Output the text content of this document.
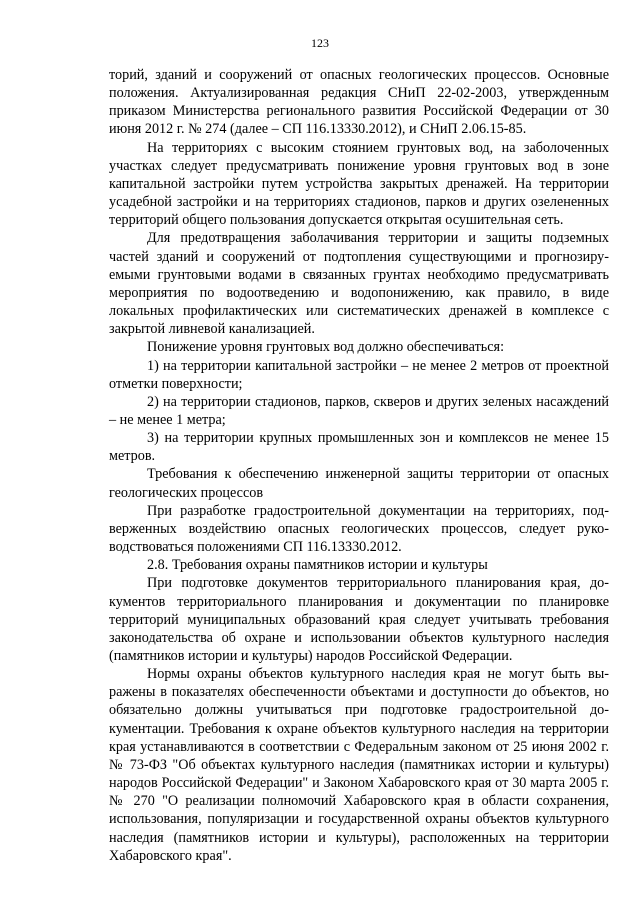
123

торий, зданий и сооружений от опасных геологических процессов. Основные положения. Актуализированная редакция СНиП 22-02-2003, утвержденным приказом Министерства регионального развития Российской Федерации от 30 июня 2012 г. № 274 (далее – СП 116.13330.2012), и СНиП 2.06.15-85.

На территориях с высоким стоянием грунтовых вод, на заболоченных участках следует предусматривать понижение уровня грунтовых вод в зоне капитальной застройки путем устройства закрытых дренажей. На территории усадебной застройки и на территориях стадионов, парков и других озелененных территорий общего пользования допускается открытая осушительная сеть.

Для предотвращения заболачивания территории и защиты подземных частей зданий и сооружений от подтопления существующими и прогнозируемыми грунтовыми водами в связанных грунтах необходимо предусматривать мероприятия по водоотведению и водопонижению, как правило, в виде локальных профилактических или систематических дренажей в комплексе с закрытой ливневой канализацией.

Понижение уровня грунтовых вод должно обеспечиваться:

1) на территории капитальной застройки – не менее 2 метров от проектной отметки поверхности;

2) на территории стадионов, парков, скверов и других зеленых насаждений – не менее 1 метра;

3) на территории крупных промышленных зон и комплексов не менее 15 метров.

Требования к обеспечению инженерной защиты территории от опасных геологических процессов

При разработке градостроительной документации на территориях, подверженных воздействию опасных геологических процессов, следует руководствоваться положениями СП 116.13330.2012.

2.8. Требования охраны памятников истории и культуры

При подготовке документов территориального планирования края, документов территориального планирования и документации по планировке территорий муниципальных образований края следует учитывать требования законодательства об охране и использовании объектов культурного наследия (памятников истории и культуры) народов Российской Федерации.

Нормы охраны объектов культурного наследия края не могут быть выражены в показателях обеспеченности объектами и доступности до объектов, но обязательно должны учитываться при подготовке градостроительной документации. Требования к охране объектов культурного наследия на территории края устанавливаются в соответствии с Федеральным законом от 25 июня 2002 г. № 73-ФЗ "Об объектах культурного наследия (памятниках истории и культуры) народов Российской Федерации" и Законом Хабаровского края от 30 марта 2005 г. № 270 "О реализации полномочий Хабаровского края в области сохранения, использования, популяризации и государственной охраны объектов культурного наследия (памятников истории и культуры), расположенных на территории Хабаровского края".
